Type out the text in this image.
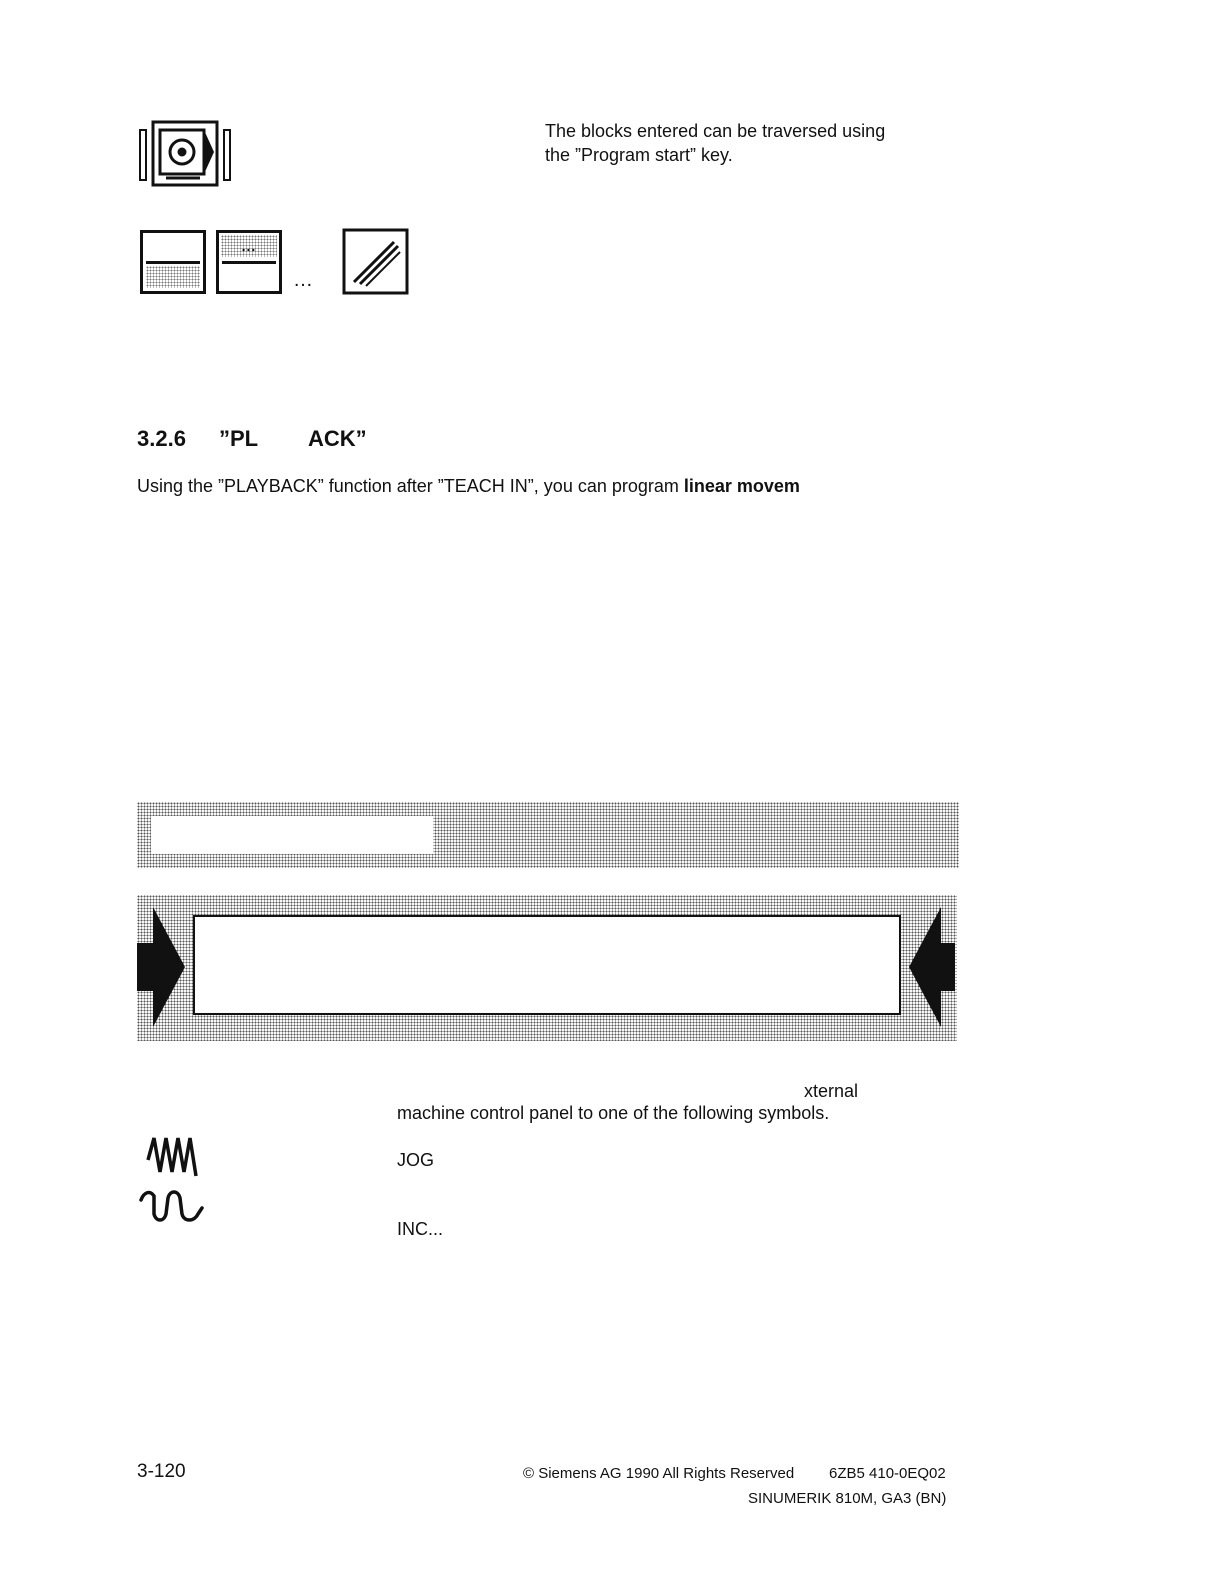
The blocks entered can be traversed using
the ”Program start” key.
...
…
3.2.6 ”PL ACK”
Using the ”PLAYBACK” function after ”TEACH IN”, you can program linear movem
xternal
machine control panel to one of the following symbols.
JOG
INC...
3-120	© Siemens AG 1990 All Rights Reserved 6ZB5 410-0EQ02
SINUMERIK 810M, GA3 (BN)
